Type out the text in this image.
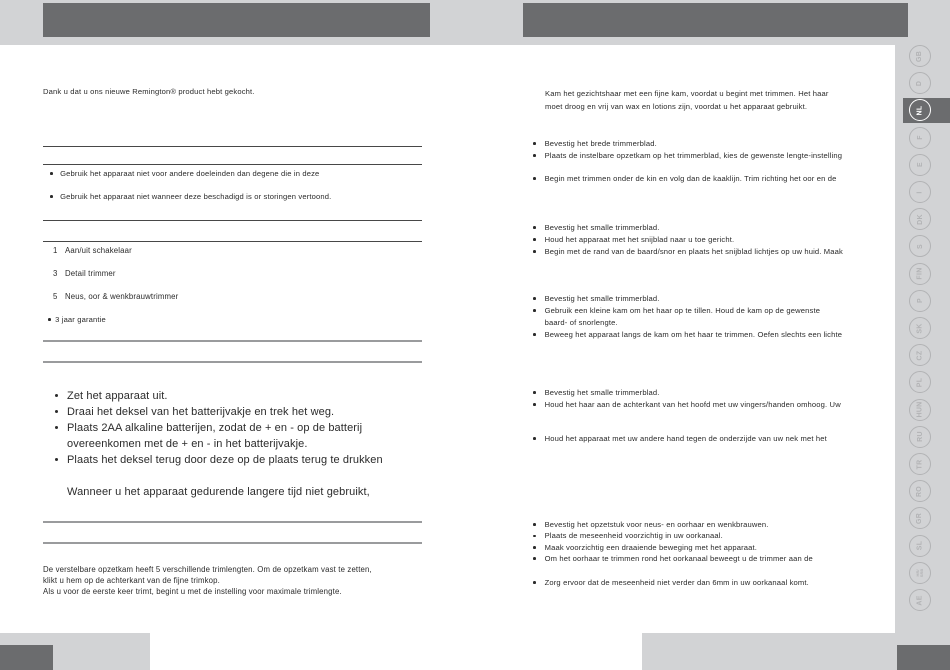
Dank u dat u ons nieuwe Remington® product hebt gekocht.
Gebruik het apparaat niet voor andere doeleinden dan degene die in deze
Gebruik het apparaat niet wanneer deze beschadigd is or storingen vertoond.
1 Aan/uit schakelaar
3 Detail trimmer
5 Neus, oor & wenkbrauwtrimmer
3 jaar garantie
Zet het apparaat uit.
Draai het deksel van het batterijvakje en trek het weg.
Plaats 2AA alkaline batterijen, zodat de + en - op de batterij
overeenkomen met de + en - in het batterijvakje.
Plaats het deksel terug door deze op de plaats terug te drukken
Wanneer u het apparaat gedurende langere tijd niet gebruikt,
De verstelbare opzetkam heeft 5 verschillende trimlengten. Om de opzetkam vast te zetten,
klikt u hem op de achterkant van de fijne trimkop.
Als u voor de eerste keer trimt, begint u met de instelling voor maximale trimlengte.
Kam het gezichtshaar met een fijne kam, voordat u begint met trimmen. Het haar
moet droog en vrij van wax en lotions zijn, voordat u het apparaat gebruikt.
Bevestig het brede trimmerblad.
Plaats de instelbare opzetkam op het trimmerblad, kies de gewenste lengte-instelling
Begin met trimmen onder de kin en volg dan de kaaklijn. Trim richting het oor en de
Bevestig het smalle trimmerblad.
Houd het apparaat met het snijblad naar u toe gericht.
Begin met de rand van de baard/snor en plaats het snijblad lichtjes op uw huid. Maak
Bevestig het smalle trimmerblad.
Gebruik een kleine kam om het haar op te tillen. Houd de kam op de gewenste
baard- of snorlengte.
Beweeg het apparaat langs de kam om het haar te trimmen. Oefen slechts een lichte
Bevestig het smalle trimmerblad.
Houd het haar aan de achterkant van het hoofd met uw vingers/handen omhoog. Uw
Houd het apparaat met uw andere hand tegen de onderzijde van uw nek met het
Bevestig het opzetstuk voor neus- en oorhaar en wenkbrauwen.
Plaats de meseenheid voorzichtig in uw oorkanaal.
Maak voorzichtig een draaiende beweging met het apparaat.
Om het oorhaar te trimmen rond het oorkanaal beweegt u de trimmer aan de
Zorg ervoor dat de meseenheid niet verder dan 6mm in uw oorkanaal komt.
GB
D
NL
F
E
I
DK
S
FIN
P
SK
CZ
PL
HUN
RU
TR
RO
GR
SL
HR/
SRB
AE
